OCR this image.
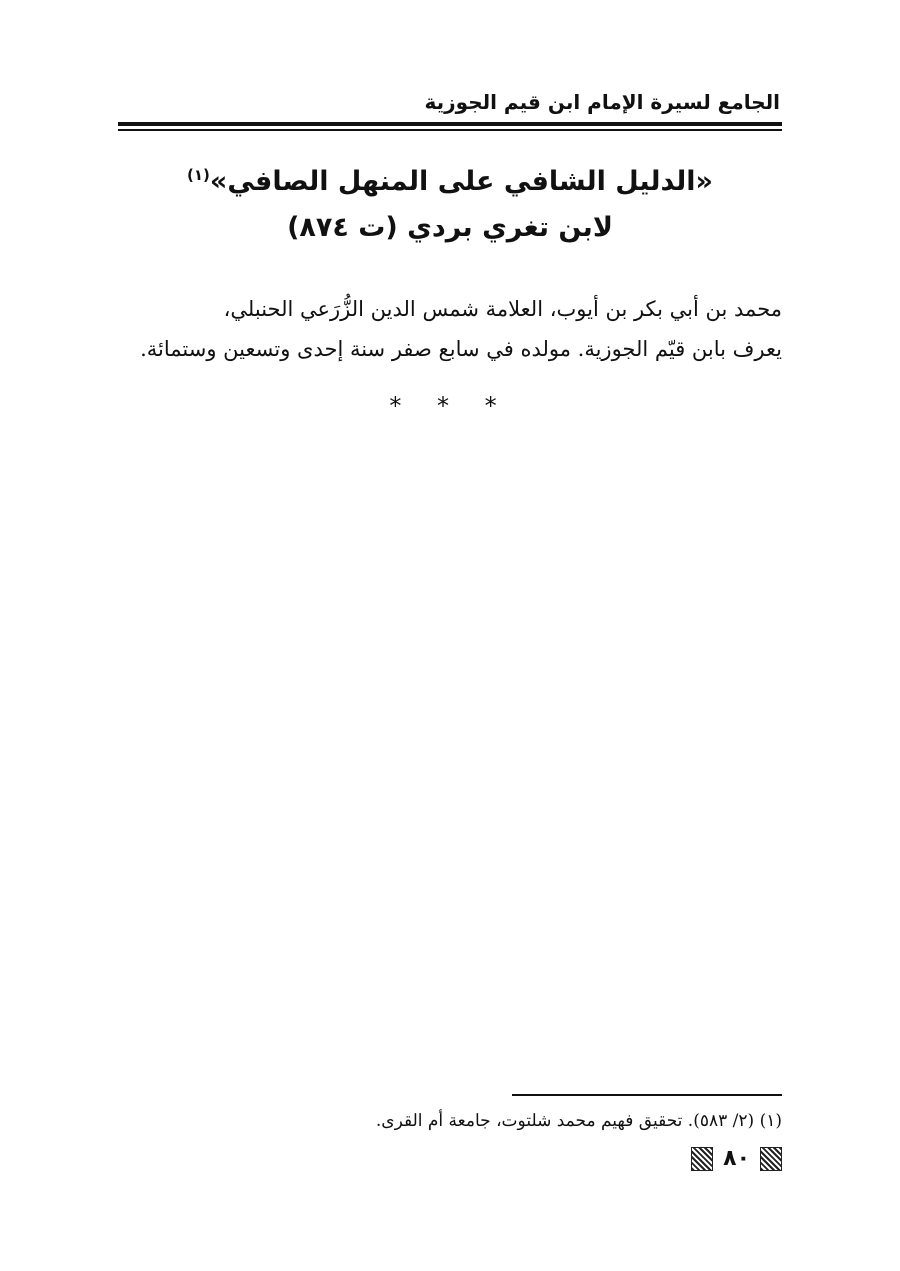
الجامع لسيرة الإمام ابن قيم الجوزية
«الدليل الشافي على المنهل الصافي»$^{(١)}$
لابن تغري بردي (ت ٨٧٤)
محمد بن أبي بكر بن أيوب، العلامة شمس الدين الزُّرَعي الحنبلي،
يعرف بابن قيّم الجوزية. مولده في سابع صفر سنة إحدى وتسعين وستمائة.
* * *
(١) (٢/ ٥٨٣). تحقيق فهيم محمد شلتوت، جامعة أم القرى.
٨٠
